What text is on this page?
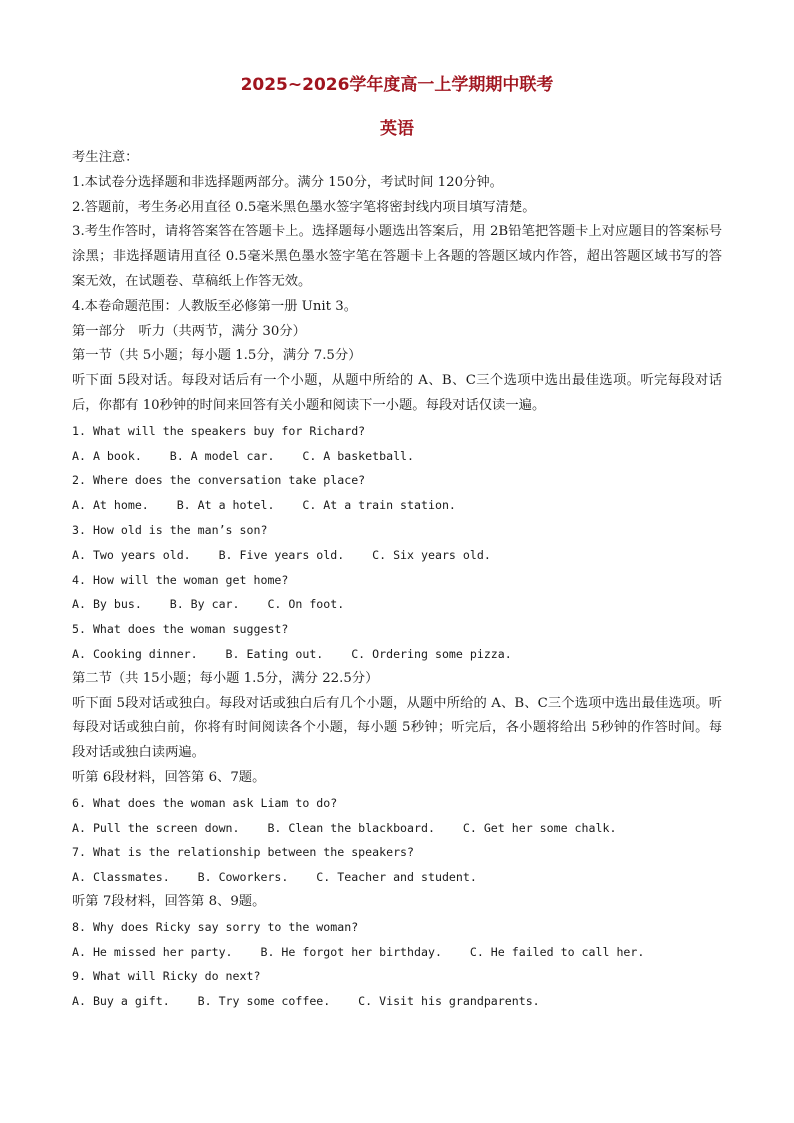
2025~2026学年度高一上学期期中联考
英语
考生注意：
1.本试卷分选择题和非选择题两部分。满分 150分，考试时间 120分钟。
2.答题前，考生务必用直径 0.5毫米黑色墨水签字笔将密封线内项目填写清楚。
3.考生作答时，请将答案答在答题卡上。选择题每小题选出答案后，用 2B铅笔把答题卡上对应题目的答案标号涂黑；非选择题请用直径 0.5毫米黑色墨水签字笔在答题卡上各题的答题区域内作答，超出答题区域书写的答案无效，在试题卷、草稿纸上作答无效。
4.本卷命题范围：人教版至必修第一册 Unit 3。
第一部分　听力（共两节，满分 30分）
第一节（共 5小题；每小题 1.5分，满分 7.5分）
听下面 5段对话。每段对话后有一个小题，从题中所给的 A、B、C三个选项中选出最佳选项。听完每段对话后，你都有 10秒钟的时间来回答有关小题和阅读下一小题。每段对话仅读一遍。
1. What will the speakers buy for Richard?
A. A book.    B. A model car.    C. A basketball.
2. Where does the conversation take place?
A. At home.    B. At a hotel.    C. At a train station.
3. How old is the man’s son?
A. Two years old.    B. Five years old.    C. Six years old.
4. How will the woman get home?
A. By bus.    B. By car.    C. On foot.
5. What does the woman suggest?
A. Cooking dinner.    B. Eating out.    C. Ordering some pizza.
第二节（共 15小题；每小题 1.5分，满分 22.5分）
听下面 5段对话或独白。每段对话或独白后有几个小题，从题中所给的 A、B、C三个选项中选出最佳选项。听每段对话或独白前，你将有时间阅读各个小题，每小题 5秒钟；听完后，各小题将给出 5秒钟的作答时间。每段对话或独白读两遍。
听第 6段材料，回答第 6、7题。
6. What does the woman ask Liam to do?
A. Pull the screen down.    B. Clean the blackboard.    C. Get her some chalk.
7. What is the relationship between the speakers?
A. Classmates.    B. Coworkers.    C. Teacher and student.
听第 7段材料，回答第 8、9题。
8. Why does Ricky say sorry to the woman?
A. He missed her party.    B. He forgot her birthday.    C. He failed to call her.
9. What will Ricky do next?
A. Buy a gift.    B. Try some coffee.    C. Visit his grandparents.
